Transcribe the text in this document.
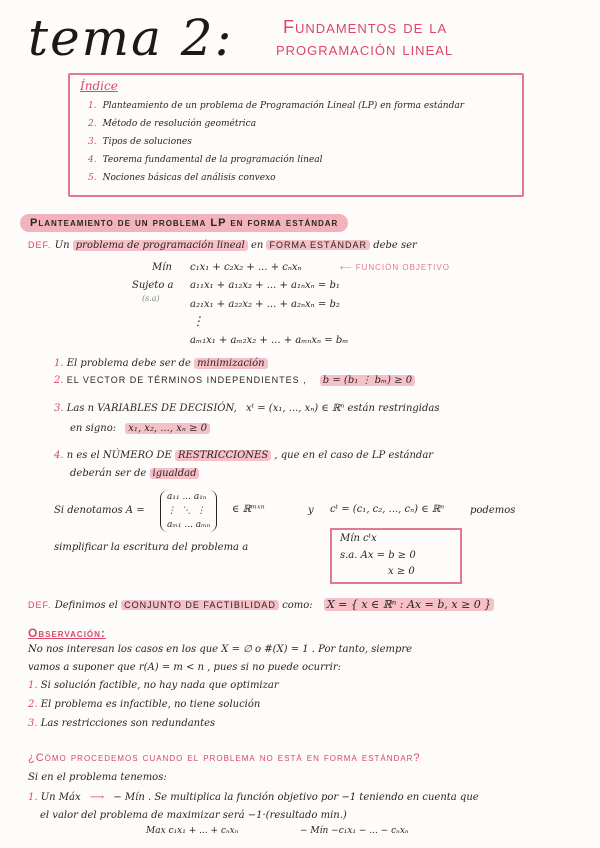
tema 2:	Fundamentos de la
programación lineal
Índice
1. Planteamiento de un problema de Programación Lineal (LP) en forma estándar
2. Método de resolución geométrica
3. Tipos de soluciones
4. Teorema fundamental de la programación lineal
5. Nociones básicas del análisis convexo
Planteamiento de un problema LP en forma estándar
DEF. Un problema de programación lineal en FORMA ESTÁNDAR debe ser
Mín c₁x₁ + c₂x₂ + ... + cₙxₙ	⟵ FUNCIÓN OBJETIVO
Sujeto a
(s.a)
a₁₁x₁ + a₁₂x₂ + ... + a₁ₙxₙ = b₁
a₂₁x₁ + a₂₂x₂ + ... + a₂ₙxₙ = b₂
⋮
aₘ₁x₁ + aₘ₂x₂ + ... + aₘₙxₙ = bₘ
1. El problema debe ser de minimización
2. EL VECTOR DE TÉRMINOS INDEPENDIENTES , b = (b₁ ⋮ bₘ) ≥ 0
3. Las n VARIABLES DE DECISIÓN, xᵗ = (x₁, ..., xₙ) ∈ ℝⁿ están restringidas
en signo: x₁, x₂, ..., xₙ ≥ 0
4. n es el NÚMERO DE RESTRICCIONES , que en el caso de LP estándar
deberán ser de igualdad
Si denotamos A =
a₁₁ ... a₁ₙ
⋮  ⋱  ⋮
aₘ₁ ... aₘₙ
∈ ℝᵐˣⁿ	y cᵗ = (c₁, c₂, ..., cₙ) ∈ ℝⁿ	podemos
simplificar la escritura del problema a
Mín cᵗx
s.a. Ax = b ≥ 0
x ≥ 0
DEF. Definimos el CONJUNTO DE FACTIBILIDAD como: X = { x ∈ ℝⁿ : Ax = b, x ≥ 0 }
Observación:
No nos interesan los casos en los que X = ∅ o #(X) = 1 . Por tanto, siempre
vamos a suponer que r(A) = m < n , pues si no puede ocurrir:
1. Si solución factible, no hay nada que optimizar
2. El problema es infactible, no tiene solución
3. Las restricciones son redundantes
¿Cómo procedemos cuando el problema no está en forma estándar?
Si en el problema tenemos:
1. Un Máx ⟶ − Mín . Se multiplica la función objetivo por −1 teniendo en cuenta que
el valor del problema de maximizar será −1·(resultado min.)
Max c₁x₁ + ... + cₙxₙ	− Mín −c₁x₁ − ... − cₙxₙ
